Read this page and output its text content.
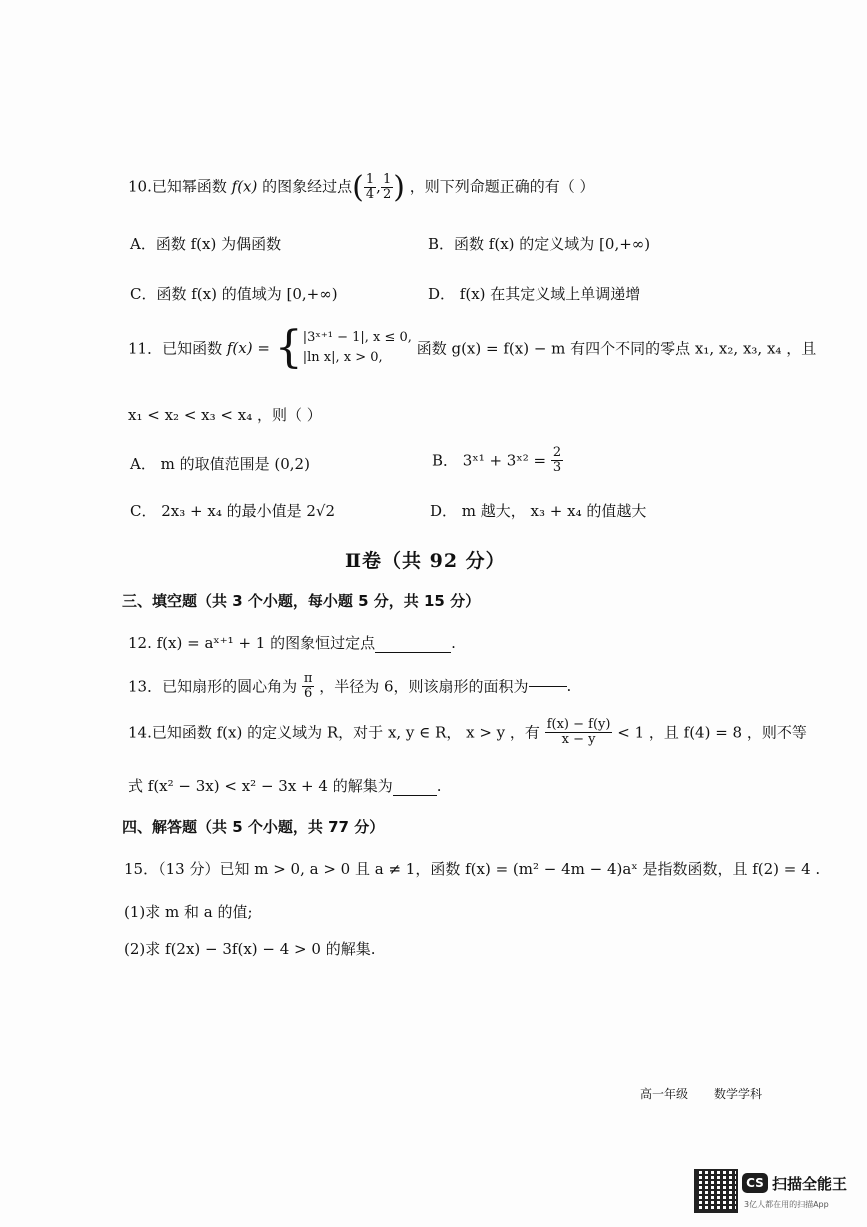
10.已知幂函数 f(x) 的图象经过点( $\frac{1}{4}$ , $\frac{1}{2}$ ) ，则下列命题正确的有（ ）
A．函数 f(x) 为偶函数	B．函数 f(x) 的定义域为 [0,+∞)
C．函数 f(x) 的值域为 [0,+∞)	D． f(x) 在其定义域上单调递增
11．已知函数 f(x) = { |3ˣ⁺¹ − 1|, x ≤ 0,
|ln x|, x > 0,	函数 g(x) = f(x) − m 有四个不同的零点 x₁, x₂, x₃, x₄ ，且
x₁ < x₂ < x₃ < x₄ ，则（ ）
A． m 的取值范围是 (0,2)	B． 3ˣ¹ + 3ˣ² = $\frac{2}{3}$
C． 2x₃ + x₄ 的最小值是 2√2	D． m 越大， x₃ + x₄ 的值越大
Ⅱ卷（共 92 分）
三、填空题（共 3 个小题，每小题 5 分，共 15 分）
12. f(x) = aˣ⁺¹ + 1 的图象恒过定点	.
13．已知扇形的圆心角为 $\frac{\pi}{6}$ ，半径为 6，则该扇形的面积为	.
14.已知函数 f(x) 的定义域为 R，对于 x, y ∈ R， x > y ，有 $\frac{f(x) - f(y)}{x - y} < 1$ ，且 f(4) = 8 ，则不等
式 f(x² − 3x) < x² − 3x + 4 的解集为	.
四、解答题（共 5 个小题，共 77 分）
15．（13 分）已知 m > 0, a > 0 且 a ≠ 1，函数 f(x) = (m² − 4m − 4)aˣ 是指数函数，且 f(2) = 4 .
(1)求 m 和 a 的值;
(2)求 f(2x) − 3f(x) − 4 > 0 的解集.
高一年级 数学学科
CS 扫描全能王
3亿人都在用的扫描App
